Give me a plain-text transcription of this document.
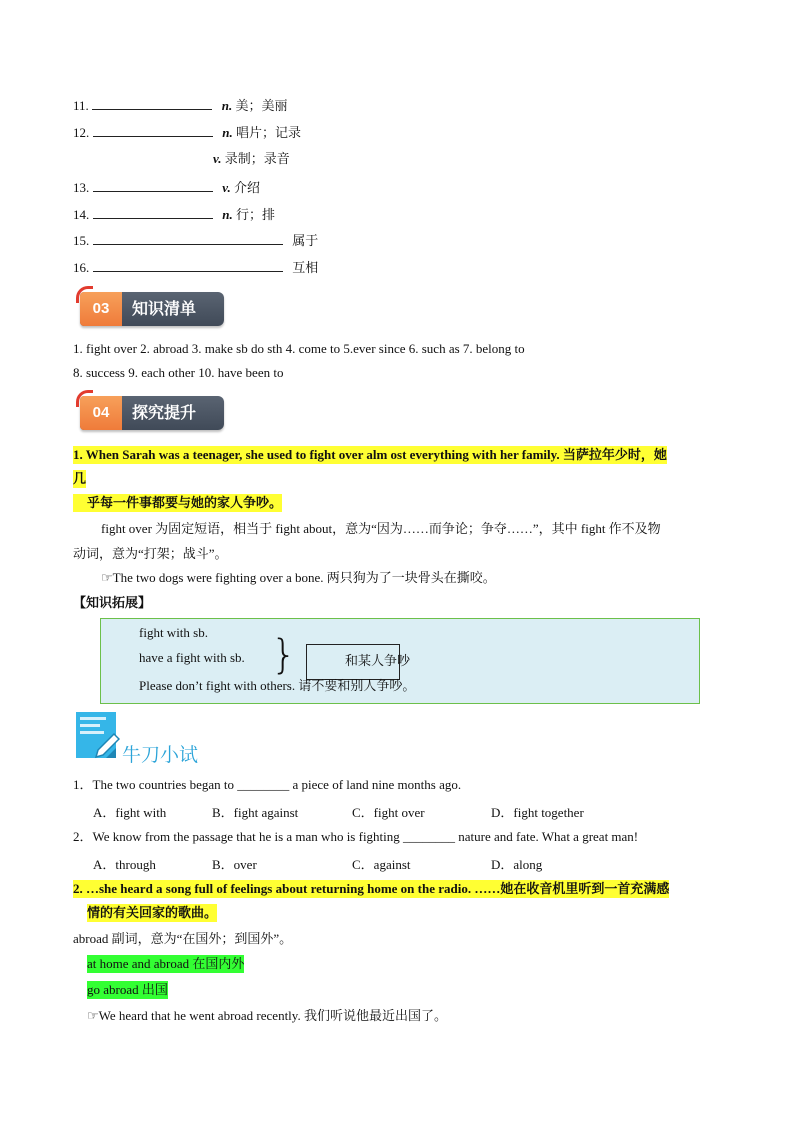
11.	n. 美；美丽
12.	n. 唱片；记录
v. 录制；录音
13.	v. 介绍
14.	n. 行；排
15.	属于
16.	互相
03	知识清单
1. fight over 2. abroad 3. make sb do sth 4. come to 5.ever since 6. such as 7. belong to
8. success 9. each other 10. have been to
04	探究提升
1. When Sarah was a teenager, she used to fight over alm ost everything with her family. 当萨拉年少时，她
几
乎每一件事都要与她的家人争吵。
fight over 为固定短语，相当于 fight about，意为“因为……而争论；争夺……”，其中 fight 作不及物
动词，意为“打架；战斗”。
☞The two dogs were fighting over a bone. 两只狗为了一块骨头在撕咬。
【知识拓展】
fight with sb.
have a fight with sb. }	和某人争吵
Please don’t fight with others. 请不要和别人争吵。
牛刀小试
1．The two countries began to ________ a piece of land nine months ago.
A．fight with	B．fight against	C．fight over	D．fight together
2．We know from the passage that he is a man who is fighting ________ nature and fate. What a great man!
A．through	B．over	C．against	D．along
2. …she heard a song full of feelings about returning home on the radio. ……她在收音机里听到一首充满感
情的有关回家的歌曲。
abroad 副词，意为“在国外；到国外”。
at home and abroad 在国内外
go abroad 出国
☞We heard that he went abroad recently. 我们听说他最近出国了。
